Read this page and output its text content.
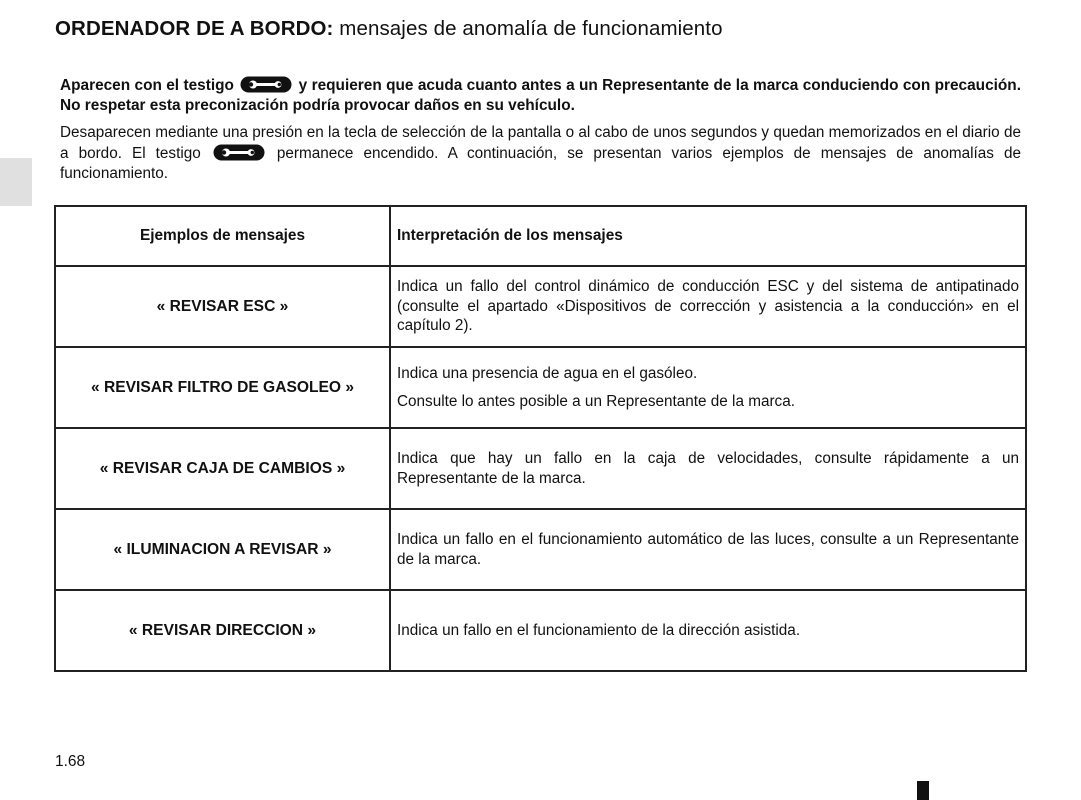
ORDENADOR DE A BORDO: mensajes de anomalía de funcionamiento

Aparecen con el testigo	y requieren que acuda cuanto antes a un Representante de la marca conduciendo con precaución. No respetar esta preconización podría provocar daños en su vehículo.

Desaparecen mediante una presión en la tecla de selección de la pantalla o al cabo de unos segundos y quedan memorizados en el diario de a bordo. El testigo	permanece encendido. A continuación, se presentan varios ejemplos de mensajes de anomalías de funcionamiento.

Ejemplos de mensajes	Interpretación de los mensajes
« REVISAR ESC »	Indica un fallo del control dinámico de conducción ESC y del sistema de antipatinado (consulte el apartado «Dispositivos de corrección y asistencia a la conducción» en el capítulo 2).

« REVISAR FILTRO DE GASOLEO »	Indica una presencia de agua en el gasóleo.

Consulte lo antes posible a un Representante de la marca.

« REVISAR CAJA DE CAMBIOS »	Indica que hay un fallo en la caja de velocidades, consulte rápidamente a un Representante de la marca.

« ILUMINACION A REVISAR »	Indica un fallo en el funcionamiento automático de las luces, consulte a un Representante de la marca.

« REVISAR DIRECCION »	Indica un fallo en el funcionamiento de la dirección asistida.

1.68
